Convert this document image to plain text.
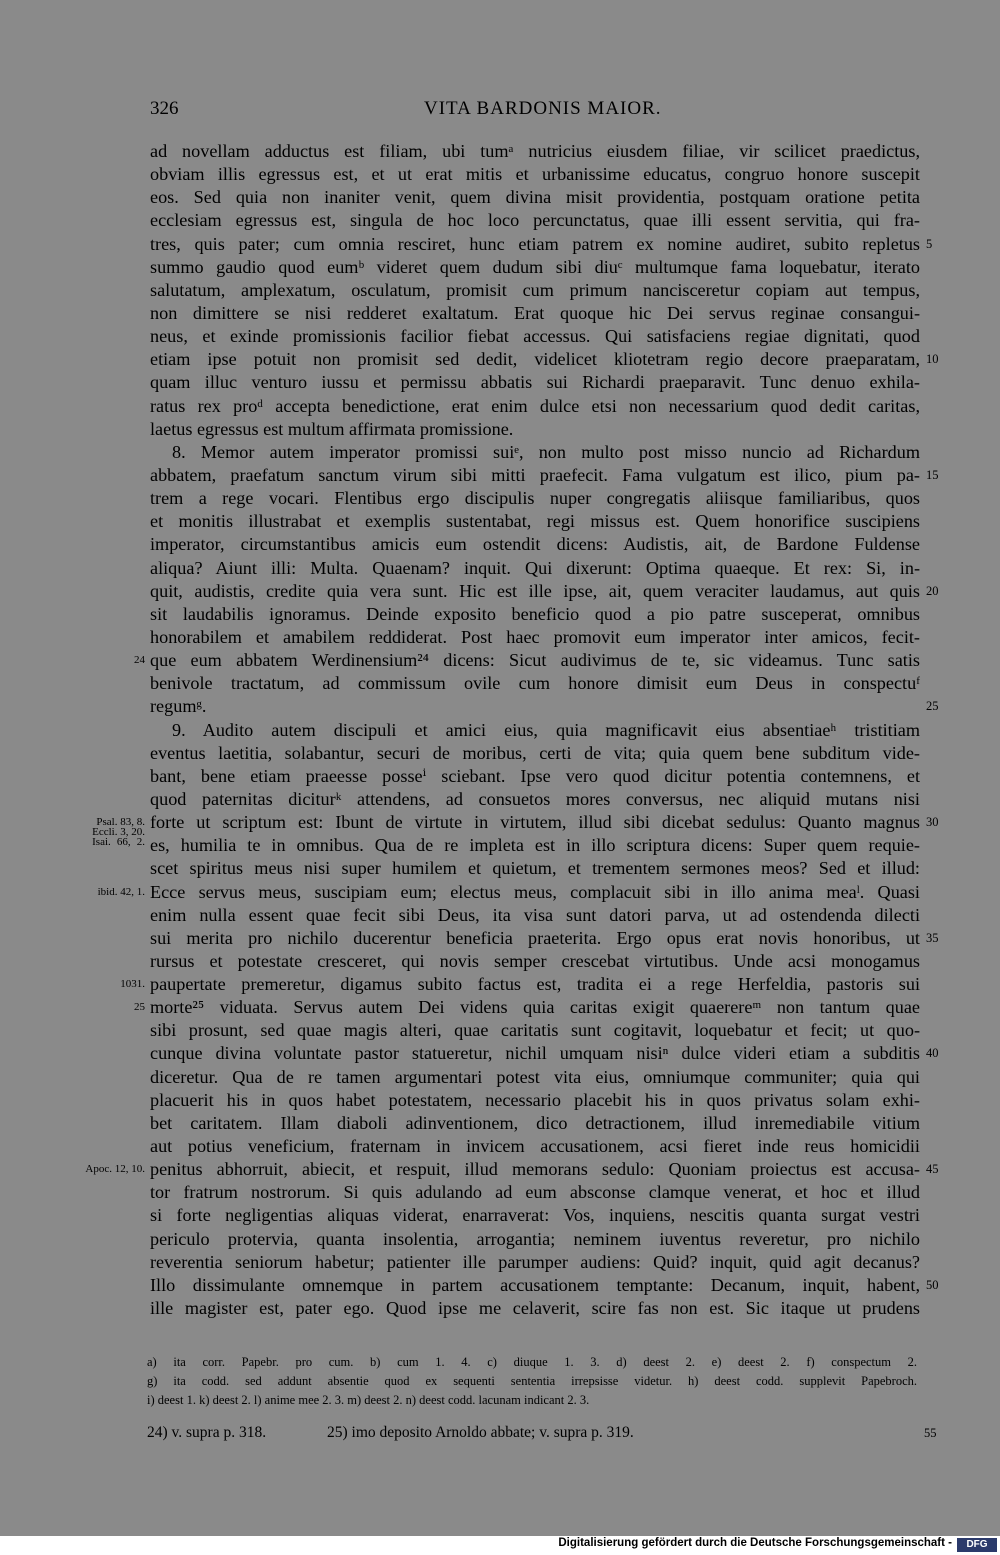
326	VITA BARDONIS MAIOR.
ad novellam adductus est filiam, ubi tumᵃ nutricius eiusdem filiae, vir scilicet praedictus,
obviam illis egressus est, et ut erat mitis et urbanissime educatus, congruo honore suscepit
eos. Sed quia non inaniter venit, quem divina misit providentia, postquam oratione petita
ecclesiam egressus est, singula de hoc loco percunctatus, quae illi essent servitia, qui fra-
tres, quis pater; cum omnia resciret, hunc etiam patrem ex nomine audiret, subito repletus 5
summo gaudio quod eumᵇ videret quem dudum sibi diuᶜ multumque fama loquebatur, iterato
salutatum, amplexatum, osculatum, promisit cum primum nancisceretur copiam aut tempus,
non dimittere se nisi redderet exaltatum. Erat quoque hic Dei servus reginae consangui-
neus, et exinde promissionis facilior fiebat accessus. Qui satisfaciens regiae dignitati, quod
etiam ipse potuit non promisit sed dedit, videlicet kliotetram regio decore praeparatam, 10
quam illuc venturo iussu et permissu abbatis sui Richardi praeparavit. Tunc denuo exhila-
ratus rex proᵈ accepta benedictione, erat enim dulce etsi non necessarium quod dedit caritas,
laetus egressus est multum affirmata promissione.
8. Memor autem imperator promissi suiᵉ, non multo post misso nuncio ad Richardum
abbatem, praefatum sanctum virum sibi mitti praefecit. Fama vulgatum est ilico, pium pa- 15
trem a rege vocari. Flentibus ergo discipulis nuper congregatis aliisque familiaribus, quos
et monitis illustrabat et exemplis sustentabat, regi missus est. Quem honorifice suscipiens
imperator, circumstantibus amicis eum ostendit dicens: Audistis, ait, de Bardone Fuldense
aliqua? Aiunt illi: Multa. Quaenam? inquit. Qui dixerunt: Optima quaeque. Et rex: Si, in-
quit, audistis, credite quia vera sunt. Hic est ille ipse, ait, quem veraciter laudamus, aut quis 20
sit laudabilis ignoramus. Deinde exposito beneficio quod a pio patre susceperat, omnibus
honorabilem et amabilem reddiderat. Post haec promovit eum imperator inter amicos, fecit-
que eum abbatem Werdinensium²⁴ dicens: Sicut audivimus de te, sic videamus. Tunc satis
24
benivole tractatum, ad commissum ovile cum honore dimisit eum Deus in conspectuᶠ
regumᵍ.	25
9. Audito autem discipuli et amici eius, quia magnificavit eius absentiaeʰ tristitiam
eventus laetitia, solabantur, securi de moribus, certi de vita; quia quem bene subditum vide-
bant, bene etiam praeesse posseⁱ sciebant. Ipse vero quod dicitur potentia contemnens, et
quod paternitas diciturᵏ attendens, ad consuetos mores conversus, nec aliquid mutans nisi
forte ut scriptum est: Ibunt de virtute in virtutem, illud sibi dicebat sedulus: Quanto magnus 30
Psal. 83, 8.
es, humilia te in omnibus. Qua de re impleta est in illo scriptura dicens: Super quem requie-
Eccli. 3, 20.
Isai. 66, 2.
scet spiritus meus nisi super humilem et quietum, et trementem sermones meos? Sed et illud:
Ecce servus meus, suscipiam eum; electus meus, complacuit sibi in illo anima meaˡ. Quasi
ibid. 42, 1.
enim nulla essent quae fecit sibi Deus, ita visa sunt datori parva, ut ad ostendenda dilecti
sui merita pro nichilo ducerentur beneficia praeterita. Ergo opus erat novis honoribus, ut 35
rursus et potestate cresceret, qui novis semper crescebat virtutibus. Unde acsi monogamus
paupertate premeretur, digamus subito factus est, tradita ei a rege Herfeldia, pastoris sui
1031.
morte²⁵ viduata. Servus autem Dei videns quia caritas exigit quaerereᵐ non tantum quae
25
sibi prosunt, sed quae magis alteri, quae caritatis sunt cogitavit, loquebatur et fecit; ut quo-
cunque divina voluntate pastor statueretur, nichil umquam nisiⁿ dulce videri etiam a subditis 40
diceretur. Qua de re tamen argumentari potest vita eius, omniumque communiter; quia qui
placuerit his in quos habet potestatem, necessario placebit his in quos privatus solam exhi-
bet caritatem. Illam diaboli adinventionem, dico detractionem, illud inremediabile vitium
aut potius veneficium, fraternam in invicem accusationem, acsi fieret inde reus homicidii
penitus abhorruit, abiecit, et respuit, illud memorans sedulo: Quoniam proiectus est accusa- 45
Apoc. 12, 10.
tor fratrum nostrorum. Si quis adulando ad eum absconse clamque venerat, et hoc et illud
si forte negligentias aliquas viderat, enarraverat: Vos, inquiens, nescitis quanta surgat vestri
periculo protervia, quanta insolentia, arrogantia; neminem iuventus reveretur, pro nichilo
reverentia seniorum habetur; patienter ille parumper audiens: Quid? inquit, quid agit decanus?
Illo dissimulante omnemque in partem accusationem temptante: Decanum, inquit, habent, 50
ille magister est, pater ego. Quod ipse me celaverit, scire fas non est. Sic itaque ut prudens
a) ita corr. Papebr. pro cum. b) cum 1. 4. c) diuque 1. 3. d) deest 2. e) deest 2. f) conspectum 2.
g) ita codd. sed addunt absentie quod ex sequenti sententia irrepsisse videtur. h) deest codd. supplevit Papebroch.
i) deest 1. k) deest 2. l) anime mee 2. 3. m) deest 2. n) deest codd. lacunam indicant 2. 3.
24) v. supra p. 318.	25) imo deposito Arnoldo abbate; v. supra p. 319.	55
Digitalisierung gefördert durch die Deutsche Forschungsgemeinschaft -	DFG
